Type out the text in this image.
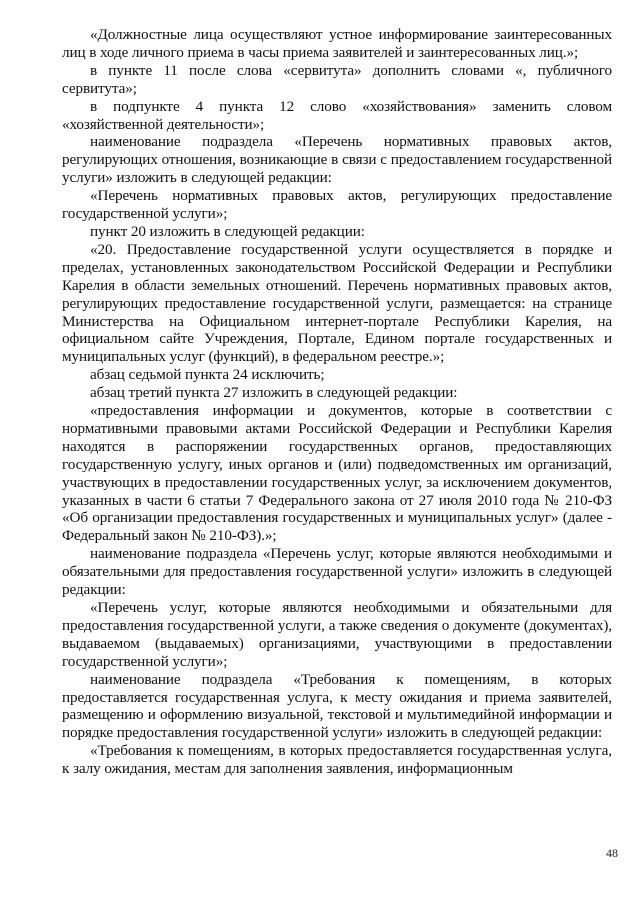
«Должностные лица осуществляют устное информирование заинтересованных лиц в ходе личного приема в часы приема заявителей и заинтересованных лиц.»;

в пункте 11 после слова «сервитута» дополнить словами «, публичного сервитута»;

в подпункте 4 пункта 12 слово «хозяйствования» заменить словом «хозяйственной деятельности»;

наименование подраздела «Перечень нормативных правовых актов, регулирующих отношения, возникающие в связи с предоставлением государственной услуги» изложить в следующей редакции:

«Перечень нормативных правовых актов, регулирующих предоставление государственной услуги»;

пункт 20 изложить в следующей редакции:

«20. Предоставление государственной услуги осуществляется в порядке и пределах, установленных законодательством Российской Федерации и Республики Карелия в области земельных отношений. Перечень нормативных правовых актов, регулирующих предоставление государственной услуги, размещается: на странице Министерства на Официальном интернет-портале Республики Карелия, на официальном сайте Учреждения, Портале, Едином портале государственных и муниципальных услуг (функций), в федеральном реестре.»;

абзац седьмой пункта 24 исключить;

абзац третий пункта 27 изложить в следующей редакции:

«предоставления информации и документов, которые в соответствии с нормативными правовыми актами Российской Федерации и Республики Карелия находятся в распоряжении государственных органов, предоставляющих государственную услугу, иных органов и (или) подведомственных им организаций, участвующих в предоставлении государственных услуг, за исключением документов, указанных в части 6 статьи 7 Федерального закона от 27 июля 2010 года № 210-ФЗ «Об организации предоставления государственных и муниципальных услуг» (далее - Федеральный закон № 210-ФЗ).»;

наименование подраздела «Перечень услуг, которые являются необходимыми и обязательными для предоставления государственной услуги» изложить в следующей редакции:

«Перечень услуг, которые являются необходимыми и обязательными для предоставления государственной услуги, а также сведения о документе (документах), выдаваемом (выдаваемых) организациями, участвующими в предоставлении государственной услуги»;

наименование подраздела «Требования к помещениям, в которых предоставляется государственная услуга, к месту ожидания и приема заявителей, размещению и оформлению визуальной, текстовой и мультимедийной информации и порядке предоставления государственной услуги» изложить в следующей редакции:

«Требования к помещениям, в которых предоставляется государственная услуга, к залу ожидания, местам для заполнения заявления, информационным

48
